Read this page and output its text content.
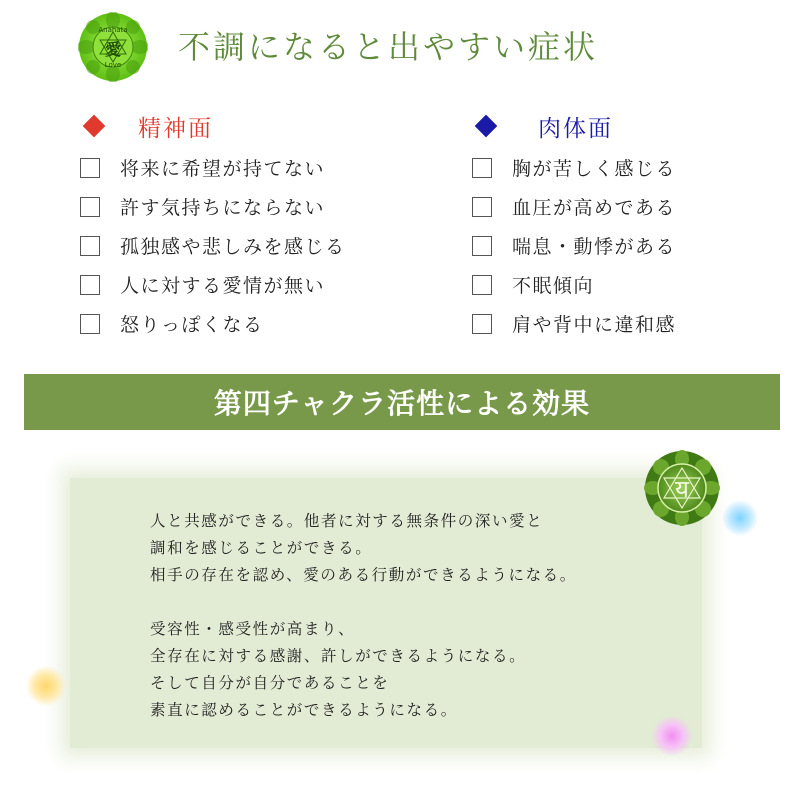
Anahata
愛
Love	不調になると出やすい症状
精神面
将来に希望が持てない
許す気持ちにならない
孤独感や悲しみを感じる
人に対する愛情が無い
怒りっぽくなる
肉体面
胸が苦しく感じる
血圧が高めである
喘息・動悸がある
不眠傾向
肩や背中に違和感
第四チャクラ活性による効果
人と共感ができる。他者に対する無条件の深い愛と
調和を感じることができる。
相手の存在を認め、愛のある行動ができるようになる。
受容性・感受性が高まり、
全存在に対する感謝、許しができるようになる。
そして自分が自分であることを
素直に認めることができるようになる。
य
